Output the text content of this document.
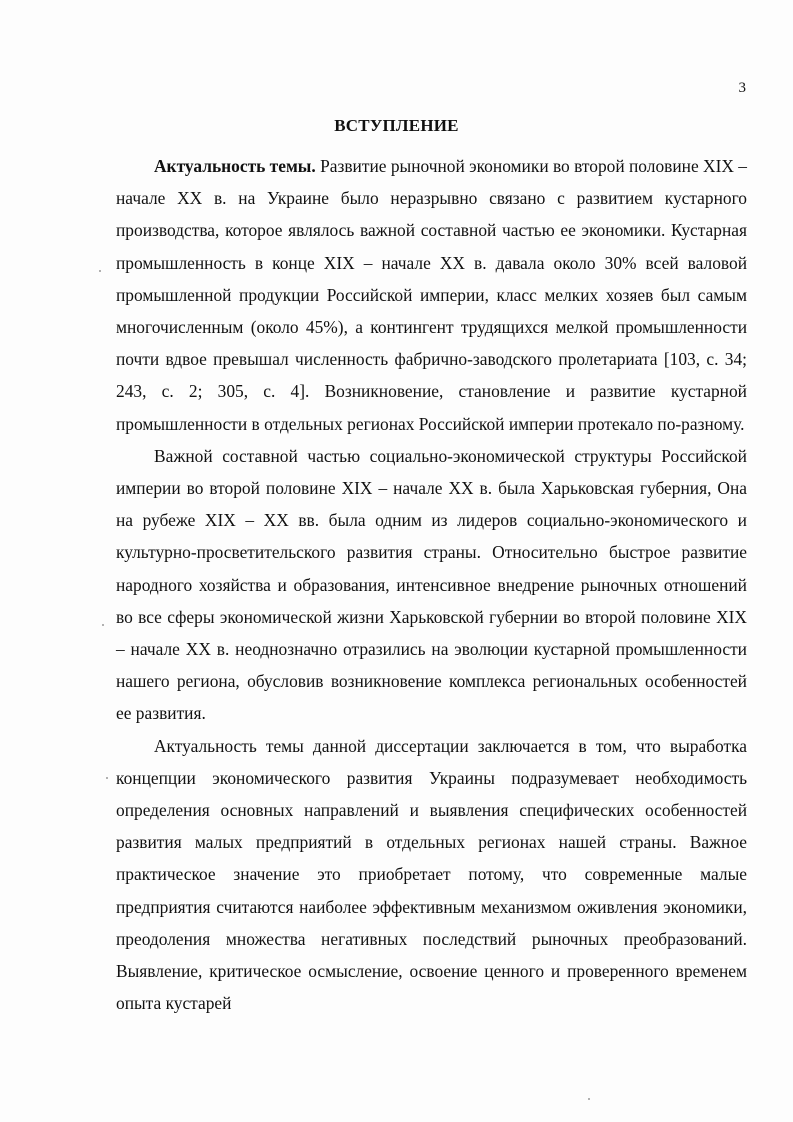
3
ВСТУПЛЕНИЕ

Актуальность темы. Развитие рыночной экономики во второй половине XIX – начале XX в. на Украине было неразрывно связано с развитием кустарного производства, которое являлось важной составной частью ее экономики. Кустарная промышленность в конце XIX – начале XX в. давала около 30% всей валовой промышленной продукции Российской империи, класс мелких хозяев был самым многочисленным (около 45%), а контингент трудящихся мелкой промышленности почти вдвое превышал численность фабрично-заводского пролетариата [103, с. 34; 243, с. 2; 305, с. 4]. Возникновение, становление и развитие кустарной промышленности в отдельных регионах Российской империи протекало по-разному.

Важной составной частью социально-экономической структуры Российской империи во второй половине XIX – начале XX в. была Харьковская губерния, Она на рубеже XIX – XX вв. была одним из лидеров социально-экономического и культурно-просветительского развития страны. Относительно быстрое развитие народного хозяйства и образования, интенсивное внедрение рыночных отношений во все сферы экономической жизни Харьковской губернии во второй половине XIX – начале XX в. неоднозначно отразились на эволюции кустарной промышленности нашего региона, обусловив возникновение комплекса региональных особенностей ее развития.

Актуальность темы данной диссертации заключается в том, что выработка концепции экономического развития Украины подразумевает необходимость определения основных направлений и выявления специфических особенностей развития малых предприятий в отдельных регионах нашей страны. Важное практическое значение это приобретает потому, что современные малые предприятия считаются наиболее эффективным механизмом оживления экономики, преодоления множества негативных последствий рыночных преобразований. Выявление, критическое осмысление, освоение ценного и проверенного временем опыта кустарей
